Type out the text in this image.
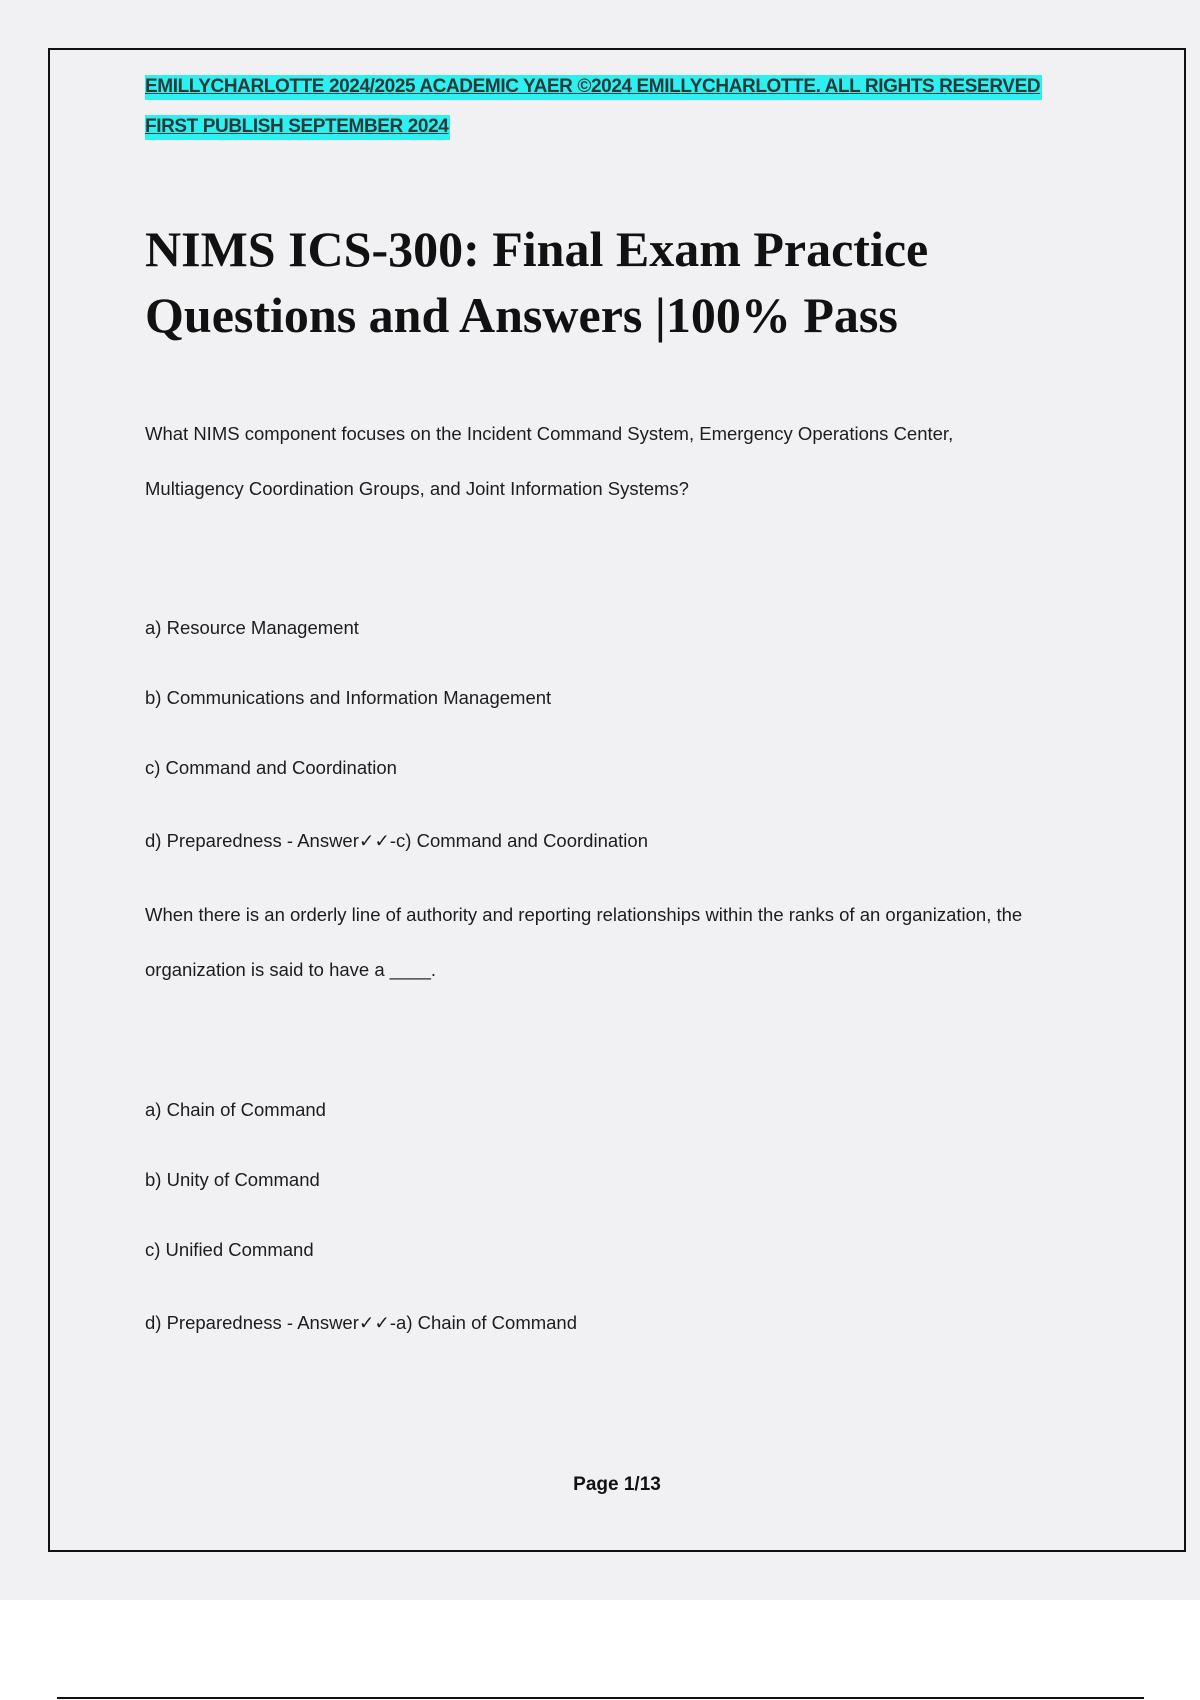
EMILLYCHARLOTTE 2024/2025 ACADEMIC YAER ©2024 EMILLYCHARLOTTE. ALL RIGHTS RESERVED
FIRST PUBLISH SEPTEMBER 2024
NIMS ICS-300: Final Exam Practice Questions and Answers |100% Pass

What NIMS component focuses on the Incident Command System, Emergency Operations Center, Multiagency Coordination Groups, and Joint Information Systems?

a) Resource Management
b) Communications and Information Management
c) Command and Coordination
d) Preparedness - Answer✓✓-c) Command and Coordination

When there is an orderly line of authority and reporting relationships within the ranks of an organization, the organization is said to have a ____.

a) Chain of Command
b) Unity of Command
c) Unified Command
d) Preparedness - Answer✓✓-a) Chain of Command
Page 1/13
